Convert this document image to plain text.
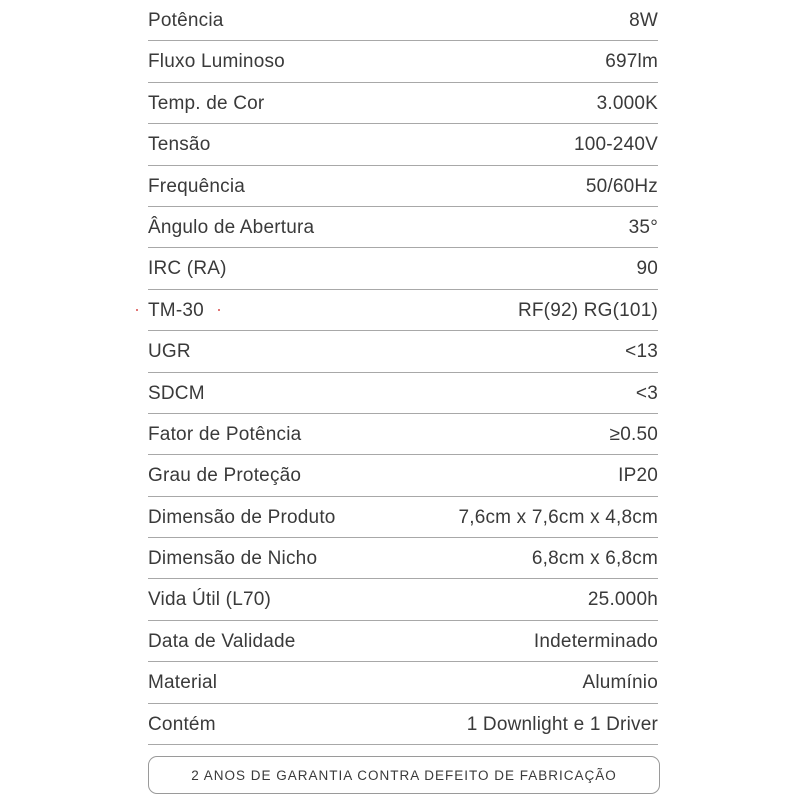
Potência	8W
Fluxo Luminoso	697lm
Temp. de Cor	3.000K
Tensão	100-240V
Frequência	50/60Hz
Ângulo de Abertura	35°
IRC (RA)	90
TM-30	RF(92) RG(101)
UGR	<13
SDCM	<3
Fator de Potência	≥0.50
Grau de Proteção	IP20
Dimensão de Produto	7,6cm x 7,6cm x 4,8cm
Dimensão de Nicho	6,8cm x 6,8cm
Vida Útil (L70)	25.000h
Data de Validade	Indeterminado
Material	Alumínio
Contém	1 Downlight e 1 Driver
2 ANOS DE GARANTIA CONTRA DEFEITO DE FABRICAÇÃO
